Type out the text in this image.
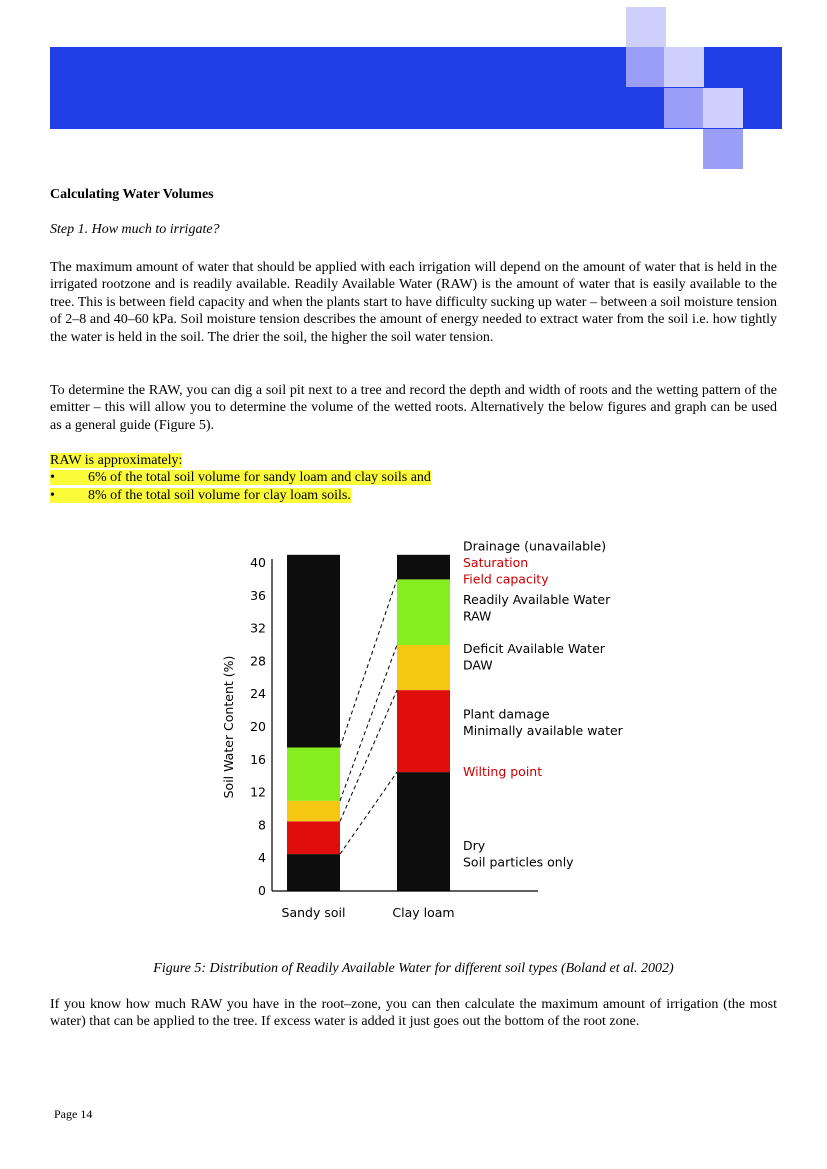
Calculating Water Volumes
Step 1. How much to irrigate?

The maximum amount of water that should be applied with each irrigation will depend on the amount of water that is held in the irrigated rootzone and is readily available. Readily Available Water (RAW) is the amount of water that is easily available to the tree. This is between field capacity and when the plants start to have difficulty sucking up water – between a soil moisture tension of 2–8 and 40–60 kPa. Soil moisture tension describes the amount of energy needed to extract water from the soil i.e. how tightly the water is held in the soil. The drier the soil, the higher the soil water tension.

To determine the RAW, you can dig a soil pit next to a tree and record the depth and width of roots and the wetting pattern of the emitter – this will allow you to determine the volume of the wetted roots. Alternatively the below figures and graph can be used as a general guide (Figure 5).

RAW is approximately:
• 6% of the total soil volume for sandy loam and clay soils and
• 8% of the total soil volume for clay loam soils.
Sandy soil	Clay loam
0
4
8
12
16
20
24
28
32
36
40
Soil Water Content (%)
Drainage (unavailable)
Saturation
Field capacity
Readily Available Water
RAW
Deficit Available Water
DAW
Plant damage
Minimally available water
Wilting point
Dry
Soil particles only
Figure 5: Distribution of Readily Available Water for different soil types (Boland et al. 2002)

If you know how much RAW you have in the root–zone, you can then calculate the maximum amount of irrigation (the most water) that can be applied to the tree. If excess water is added it just goes out the bottom of the root zone.

Page 14
